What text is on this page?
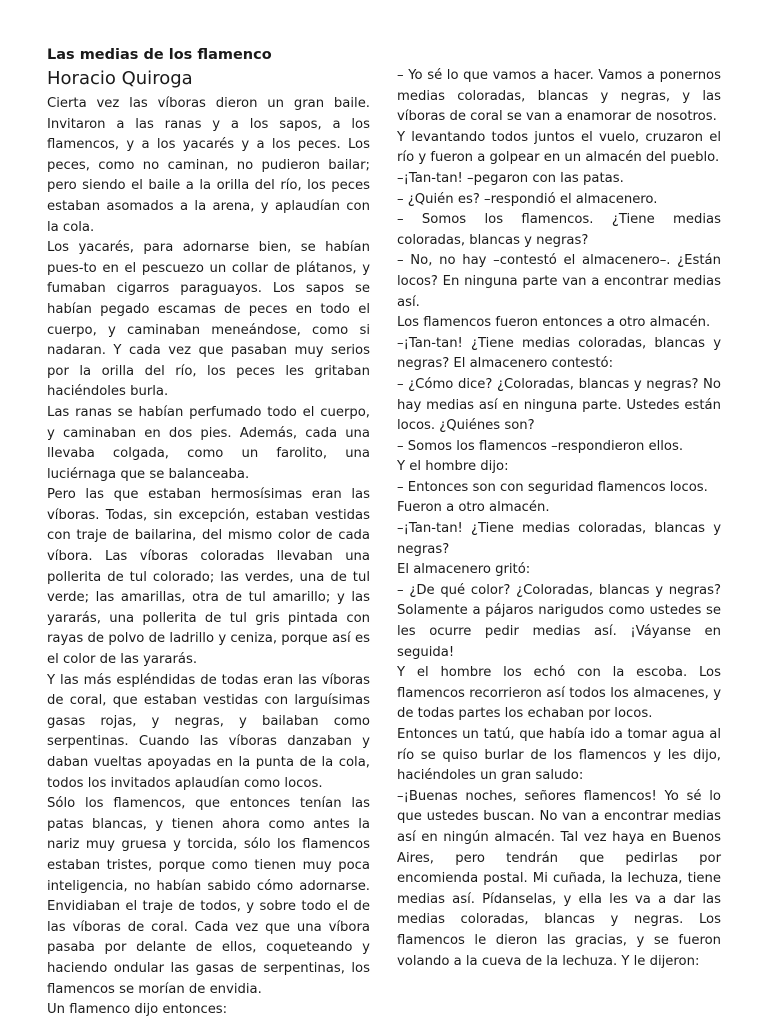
Las medias de los flamenco
Horacio Quiroga

Cierta vez las víboras dieron un gran baile. Invitaron a las ranas y a los sapos, a los flamencos, y a los yacarés y a los peces. Los peces, como no caminan, no pudieron bailar; pero siendo el baile a la orilla del río, los peces estaban asomados a la arena, y aplaudían con la cola.

Los yacarés, para adornarse bien, se habían pues-to en el pescuezo un collar de plátanos, y fumaban cigarros paraguayos. Los sapos se habían pegado escamas de peces en todo el cuerpo, y caminaban meneándose, como si nadaran. Y cada vez que pasaban muy serios por la orilla del río, los peces les gritaban haciéndoles burla.

Las ranas se habían perfumado todo el cuerpo, y caminaban en dos pies. Además, cada una llevaba colgada, como un farolito, una luciérnaga que se balanceaba.

Pero las que estaban hermosísimas eran las víboras. Todas, sin excepción, estaban vestidas con traje de bailarina, del mismo color de cada víbora. Las víboras coloradas llevaban una pollerita de tul colorado; las verdes, una de tul verde; las amarillas, otra de tul amarillo; y las yararás, una pollerita de tul gris pintada con rayas de polvo de ladrillo y ceniza, porque así es el color de las yararás.

Y las más espléndidas de todas eran las víboras de coral, que estaban vestidas con larguísimas gasas rojas, y negras, y bailaban como serpentinas. Cuando las víboras danzaban y daban vueltas apoyadas en la punta de la cola, todos los invitados aplaudían como locos.

Sólo los flamencos, que entonces tenían las patas blancas, y tienen ahora como antes la nariz muy gruesa y torcida, sólo los flamencos estaban tristes, porque como tienen muy poca inteligencia, no habían sabido cómo adornarse. Envidiaban el traje de todos, y sobre todo el de las víboras de coral. Cada vez que una víbora pasaba por delante de ellos, coqueteando y haciendo ondular las gasas de serpentinas, los flamencos se morían de envidia.

Un flamenco dijo entonces:

– Yo sé lo que vamos a hacer. Vamos a ponernos medias coloradas, blancas y negras, y las víboras de coral se van a enamorar de nosotros.

Y levantando todos juntos el vuelo, cruzaron el río y fueron a golpear en un almacén del pueblo.

–¡Tan-tan! –pegaron con las patas.

– ¿Quién es? –respondió el almacenero.

– Somos los flamencos. ¿Tiene medias coloradas, blancas y negras?

– No, no hay –contestó el almacenero–. ¿Están locos? En ninguna parte van a encontrar medias así.

Los flamencos fueron entonces a otro almacén.

–¡Tan-tan! ¿Tiene medias coloradas, blancas y negras? El almacenero contestó:

– ¿Cómo dice? ¿Coloradas, blancas y negras? No hay medias así en ninguna parte. Ustedes están locos. ¿Quiénes son?

– Somos los flamencos –respondieron ellos.

Y el hombre dijo:

– Entonces son con seguridad flamencos locos.

Fueron a otro almacén.

–¡Tan-tan! ¿Tiene medias coloradas, blancas y negras?

El almacenero gritó:

– ¿De qué color? ¿Coloradas, blancas y negras? Solamente a pájaros narigudos como ustedes se les ocurre pedir medias así. ¡Váyanse en seguida!

Y el hombre los echó con la escoba. Los flamencos recorrieron así todos los almacenes, y de todas partes los echaban por locos.

Entonces un tatú, que había ido a tomar agua al río se quiso burlar de los flamencos y les dijo, haciéndoles un gran saludo:

–¡Buenas noches, señores flamencos! Yo sé lo que ustedes buscan. No van a encontrar medias así en ningún almacén. Tal vez haya en Buenos Aires, pero tendrán que pedirlas por encomienda postal. Mi cuñada, la lechuza, tiene medias así. Pídanselas, y ella les va a dar las medias coloradas, blancas y negras. Los flamencos le dieron las gracias, y se fueron volando a la cueva de la lechuza. Y le dijeron:
